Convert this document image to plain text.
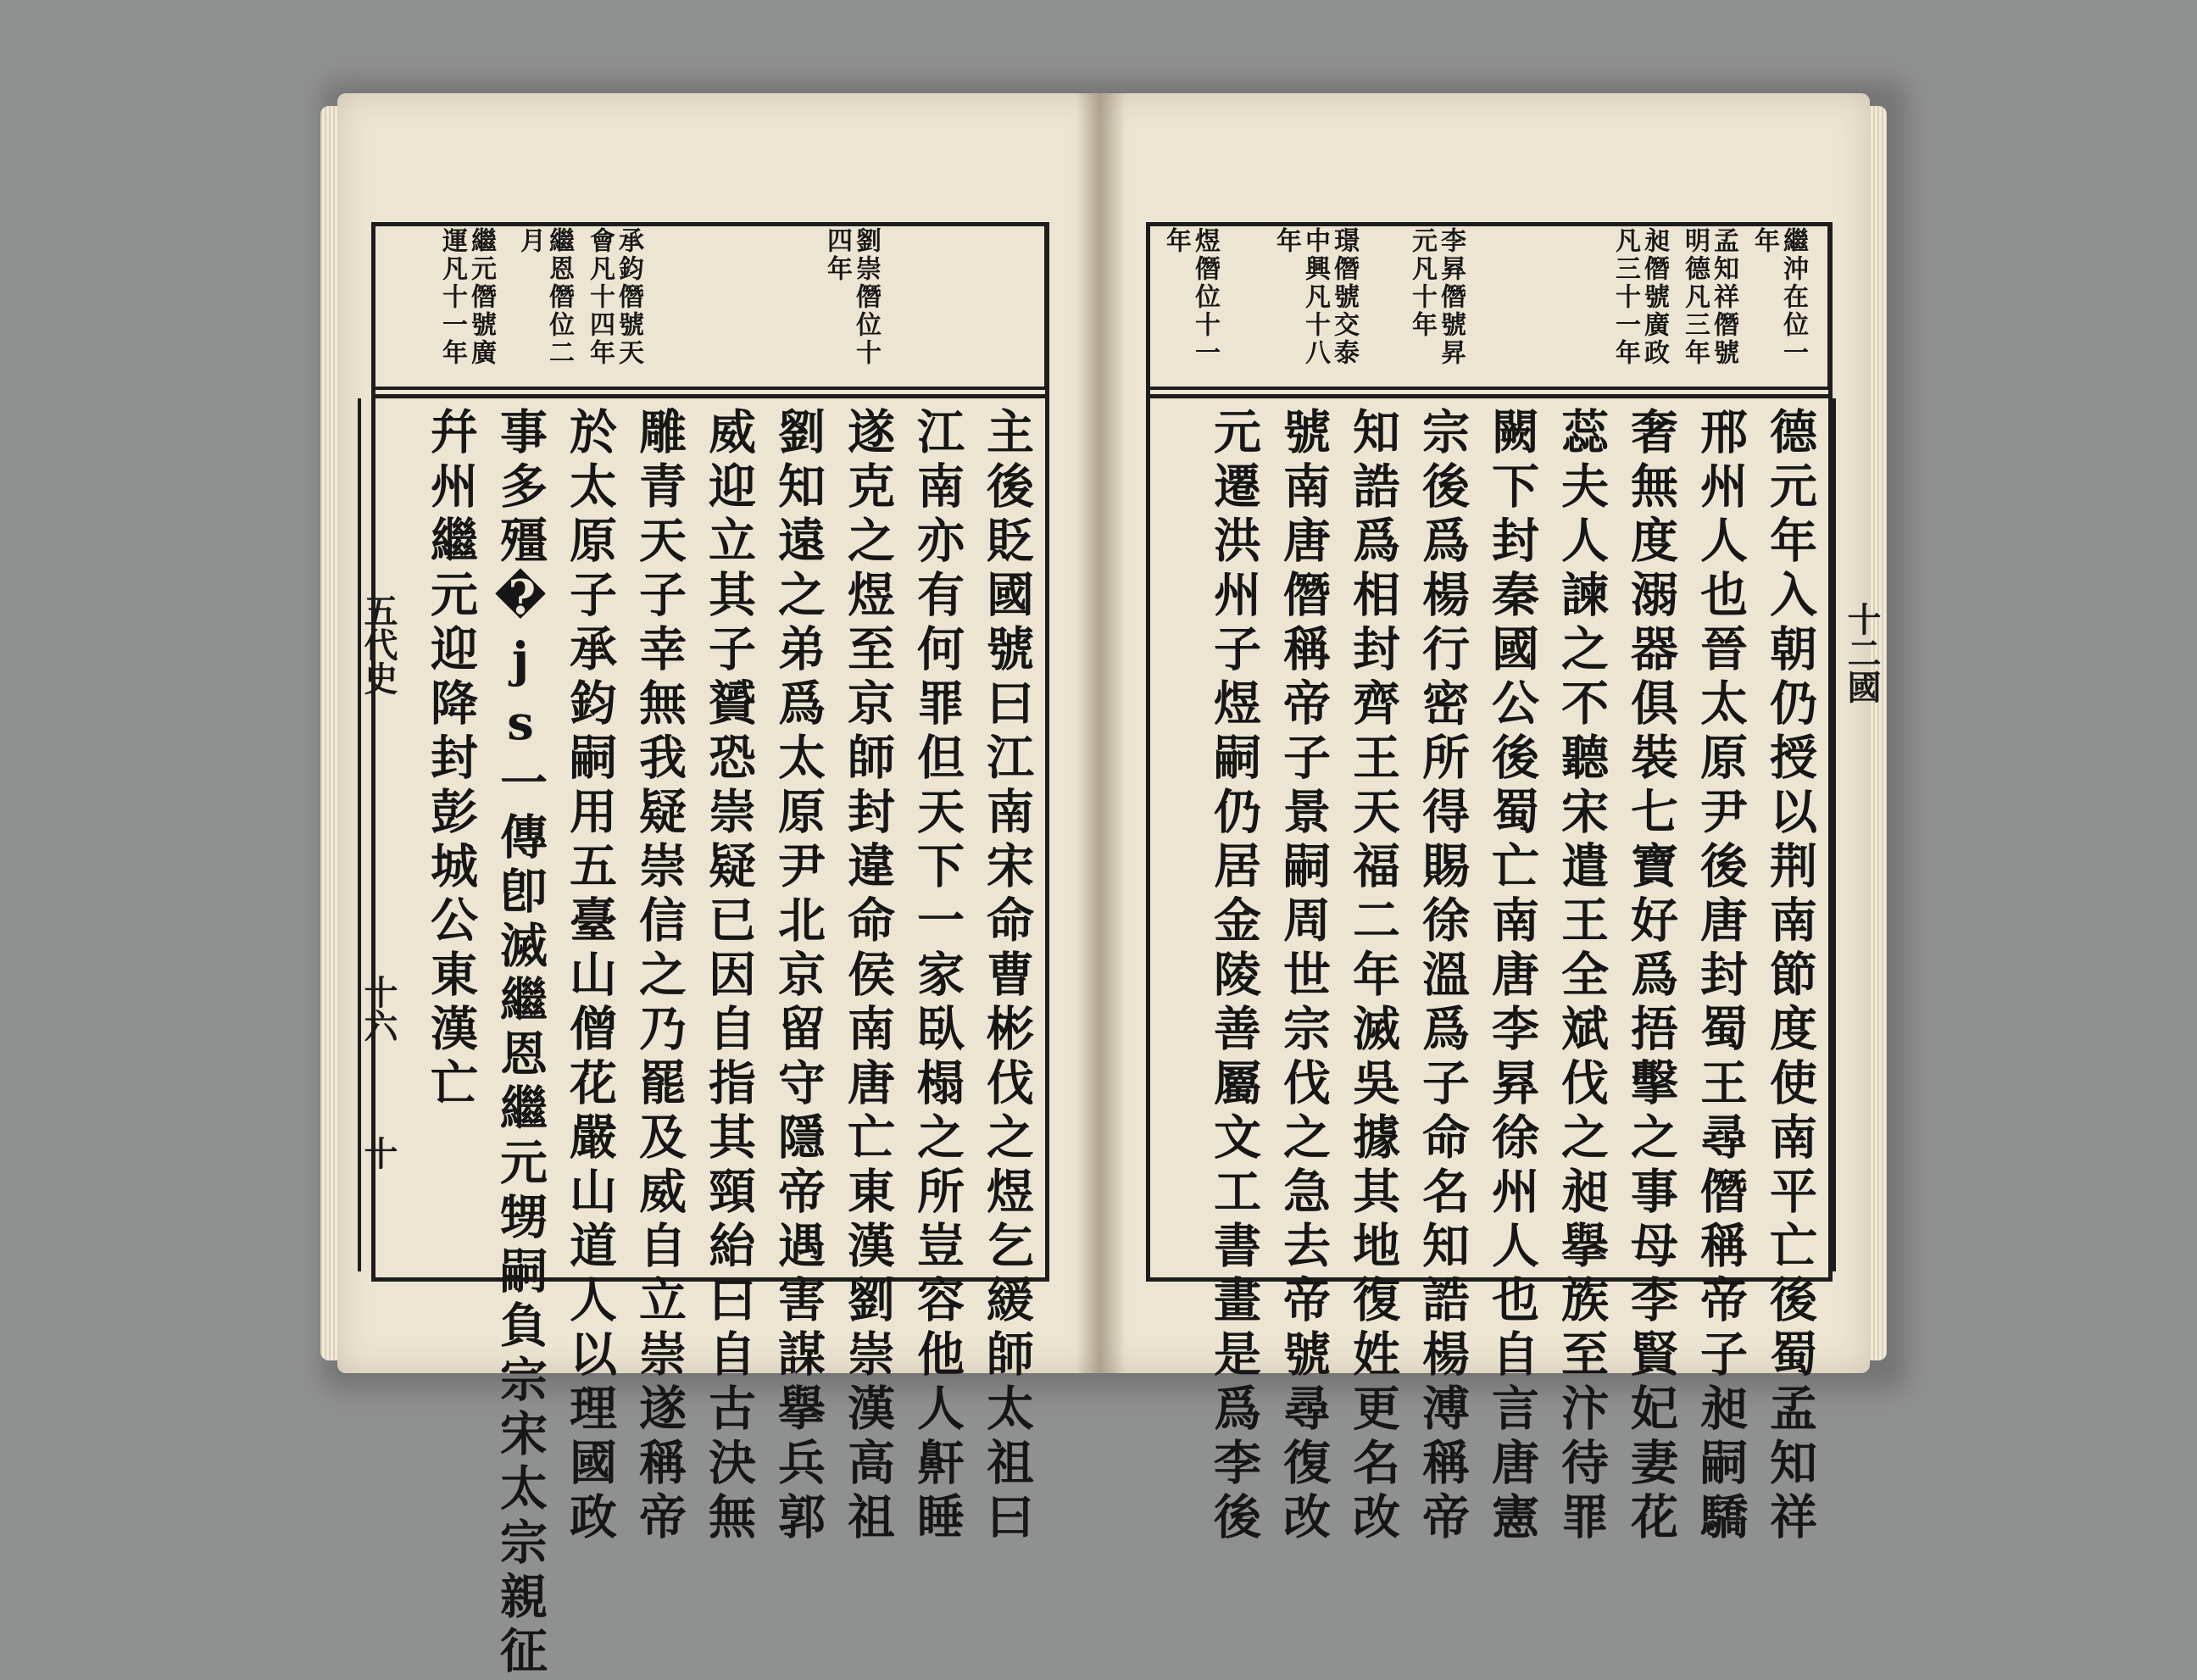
劉崇僭位十
四年
承鈞僭號天
會凡十四年
繼恩僭位二
月
繼元僭號廣
運凡十一年
主後貶國號曰江南宋命曹彬伐之煜乞緩師太祖曰
江南亦有何罪但天下一家臥榻之所豈容他人鼾睡
遂克之煜至京師封違命侯南唐亡東漢劉崇漢高祖
劉知遠之弟爲太原尹北京留守隱帝遇害謀擧兵郭
威迎立其子贇恐崇疑已因自指其頸紿曰自古決無
雕青天子幸無我疑崇信之乃罷及威自立崇遂稱帝
於太原子承鈞嗣用五臺山僧花嚴山道人以理國政
事多殭�js一傳卽滅繼恩繼元甥嗣負宗宋太宗親征
幷州繼元迎降封彭城公東漢亡
五代史
十六
十
繼沖在位一
年
孟知祥僭號
明德凡三年
昶僭號廣政
凡三十一年
李昪僭號昇
元凡十年
璟僭號交泰
中興凡十八
年
煜僭位十一
年
德元年入朝仍授以荆南節度使南平亡後蜀孟知祥
邢州人也晉太原尹後唐封蜀王尋僭稱帝子昶嗣驕
奢無度溺器俱裝七寶好爲捂擊之事母李賢妃妻花
蕊夫人諫之不聽宋遣王全斌伐之昶擧族至汴待罪
闕下封秦國公後蜀亡南唐李昪徐州人也自言唐憲
宗後爲楊行密所得賜徐溫爲子命名知誥楊溥稱帝
知誥爲相封齊王天福二年滅吳據其地復姓更名改
號南唐僭稱帝子景嗣周世宗伐之急去帝號尋復改
元遷洪州子煜嗣仍居金陵善屬文工書畫是爲李後	十二國
